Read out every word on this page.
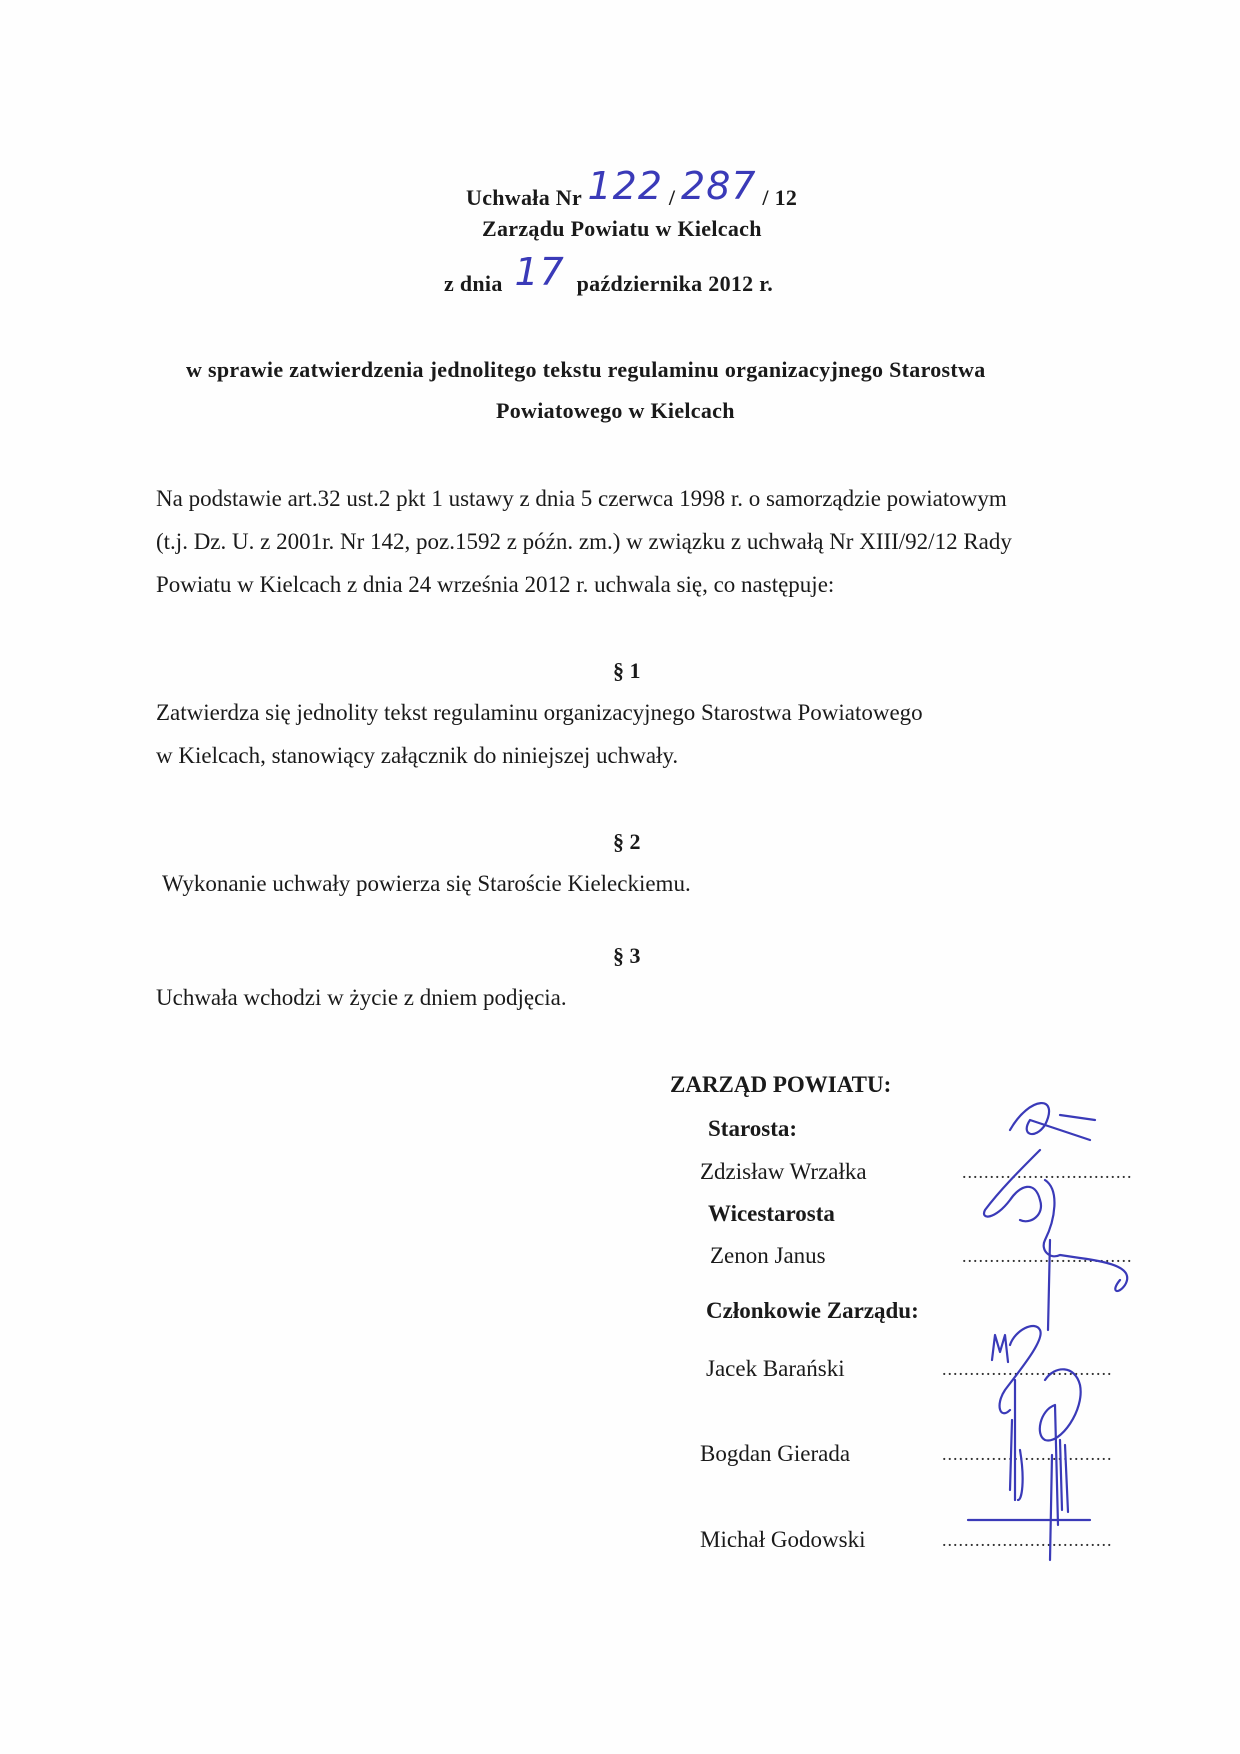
Uchwała Nr 122 / 287 / 12
Zarządu Powiatu w Kielcach
z dnia 17 października 2012 r.
w sprawie zatwierdzenia jednolitego tekstu regulaminu organizacyjnego Starostwa
Powiatowego w Kielcach
Na podstawie art.32 ust.2 pkt 1 ustawy z dnia 5 czerwca 1998 r. o samorządzie powiatowym
(t.j. Dz. U. z 2001r. Nr 142, poz.1592 z późn. zm.) w związku z uchwałą Nr XIII/92/12 Rady
Powiatu w Kielcach z dnia 24 września 2012 r. uchwala się, co następuje:
§ 1
Zatwierdza się jednolity tekst regulaminu organizacyjnego Starostwa Powiatowego
w Kielcach, stanowiący załącznik do niniejszej uchwały.
§ 2
Wykonanie uchwały powierza się Staroście Kieleckiemu.
§ 3
Uchwała wchodzi w życie z dniem podjęcia.
ZARZĄD POWIATU:
Starosta:
Zdzisław Wrzałka	...............................
Wicestarosta
Zenon Janus	...............................
Członkowie Zarządu:
Jacek Barański	...............................
Bogdan Gierada	...............................
Michał Godowski	...............................
